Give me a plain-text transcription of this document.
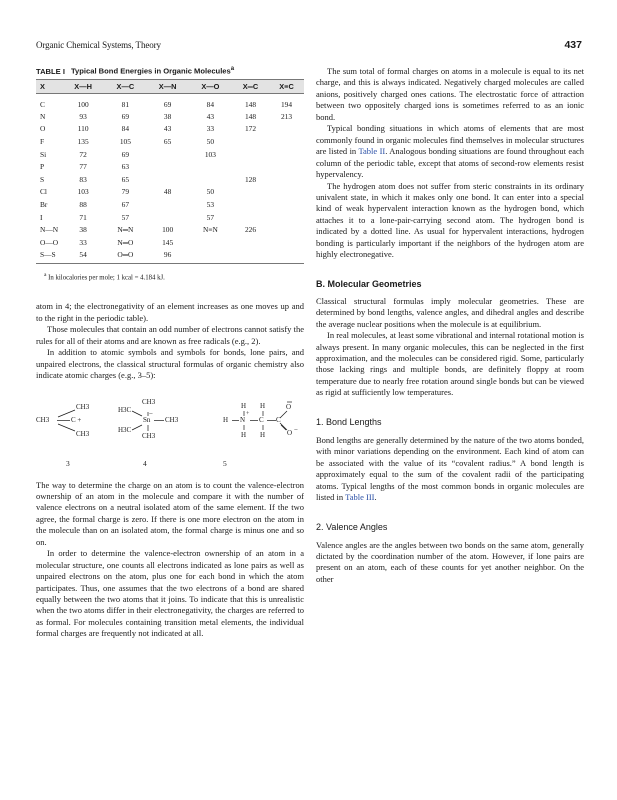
Organic Chemical Systems, Theory	437
TABLE I Typical Bond Energies in Organic Molecules$^a$
X	X—H	X—C	X—N	X—O	X═C	X≡C
C	100	81	69	84	148	194
N	93	69	38	43	148	213
O	110	84	43	33	172	
F	135	105	65	50		
Si	72	69		103		
P	77	63				
S	83	65			128	
Cl	103	79	48	50		
Br	88	67		53		
I	71	57		57		
N—N	38	N═N	100	N≡N	226	
O—O	33	N═O	145			
S—S	54	O═O	96			
$^a$ In kilocalories per mole; 1 kcal = 4.184 kJ.

atom in 4; the electronegativity of an element increases as one moves up and to the right in the periodic table).

Those molecules that contain an odd number of electrons cannot satisfy the rules for all of their atoms and are known as free radicals (e.g., 2).

In addition to atomic symbols and symbols for bonds, lone pairs, and unpaired electrons, the classical structural formulas of organic chemistry also indicate atomic charges (e.g., 3–5):

CH3
CH3	C +
CH3
3
CH3
H3C
Sn
−
CH3
H3C
CH3
4
H H
H N
+
C C
O
O −
H H
5

The way to determine the charge on an atom is to count the valence-electron ownership of an atom in the molecule and compare it with the number of valence electrons on a neutral isolated atom of the same element. If the two agree, the formal charge is zero. If there is one more electron on the atom in the molecule than on an isolated atom, the formal charge is minus one and so on.

In order to determine the valence-electron ownership of an atom in a molecular structure, one counts all electrons indicated as lone pairs as well as unpaired electrons on the atom, plus one for each bond in which the atom participates. Thus, one assumes that the two electrons of a bond are shared equally between the two atoms that it joins. To indicate that this is unrealistic when the two atoms differ in their electronegativity, the charges are referred to as formal. For molecules containing transition metal elements, the individual formal charges are frequently not indicated at all.

The sum total of formal charges on atoms in a molecule is equal to its net charge, and this is always indicated. Negatively charged molecules are called anions, positively charged ones cations. The electrostatic force of attraction between two oppositely charged ions is sometimes referred to as an ionic bond.

Typical bonding situations in which atoms of elements that are most commonly found in organic molecules find themselves in molecular structures are listed in Table II. Analogous bonding situations are found throughout each column of the periodic table, except that atoms of second-row elements resist hypervalency.

The hydrogen atom does not suffer from steric constraints in its ordinary univalent state, in which it makes only one bond. It can enter into a special kind of weak hypervalent interaction known as the hydrogen bond, which attaches it to a lone-pair-carrying second atom. The hydrogen bond is indicated by a dotted line. As usual for hypervalent interactions, hydrogen bonding is particularly important if the neighbors of the hydrogen atom are highly electronegative.

B. Molecular Geometries

Classical structural formulas imply molecular geometries. These are determined by bond lengths, valence angles, and dihedral angles and describe the average nuclear positions when the molecule is at equilibrium.

In real molecules, at least some vibrational and internal rotational motion is always present. In many organic molecules, this can be neglected in the first approximation, and the molecules can be considered rigid. Some, particularly those lacking rings and multiple bonds, are definitely floppy at room temperature due to nearly free rotation around single bonds but can be viewed as rigid at sufficiently low temperatures.

1. Bond Lengths

Bond lengths are generally determined by the nature of the two atoms bonded, with minor variations depending on the environment. Each kind of atom can be associated with the value of its “covalent radius.” A bond length is approximately equal to the sum of the covalent radii of the participating atoms. Typical lengths of the most common bonds in organic molecules are listed in Table III.

2. Valence Angles

Valence angles are the angles between two bonds on the same atom, generally dictated by the coordination number of the atom. However, if lone pairs are present on an atom, each of these counts for yet another neighbor. On the other
